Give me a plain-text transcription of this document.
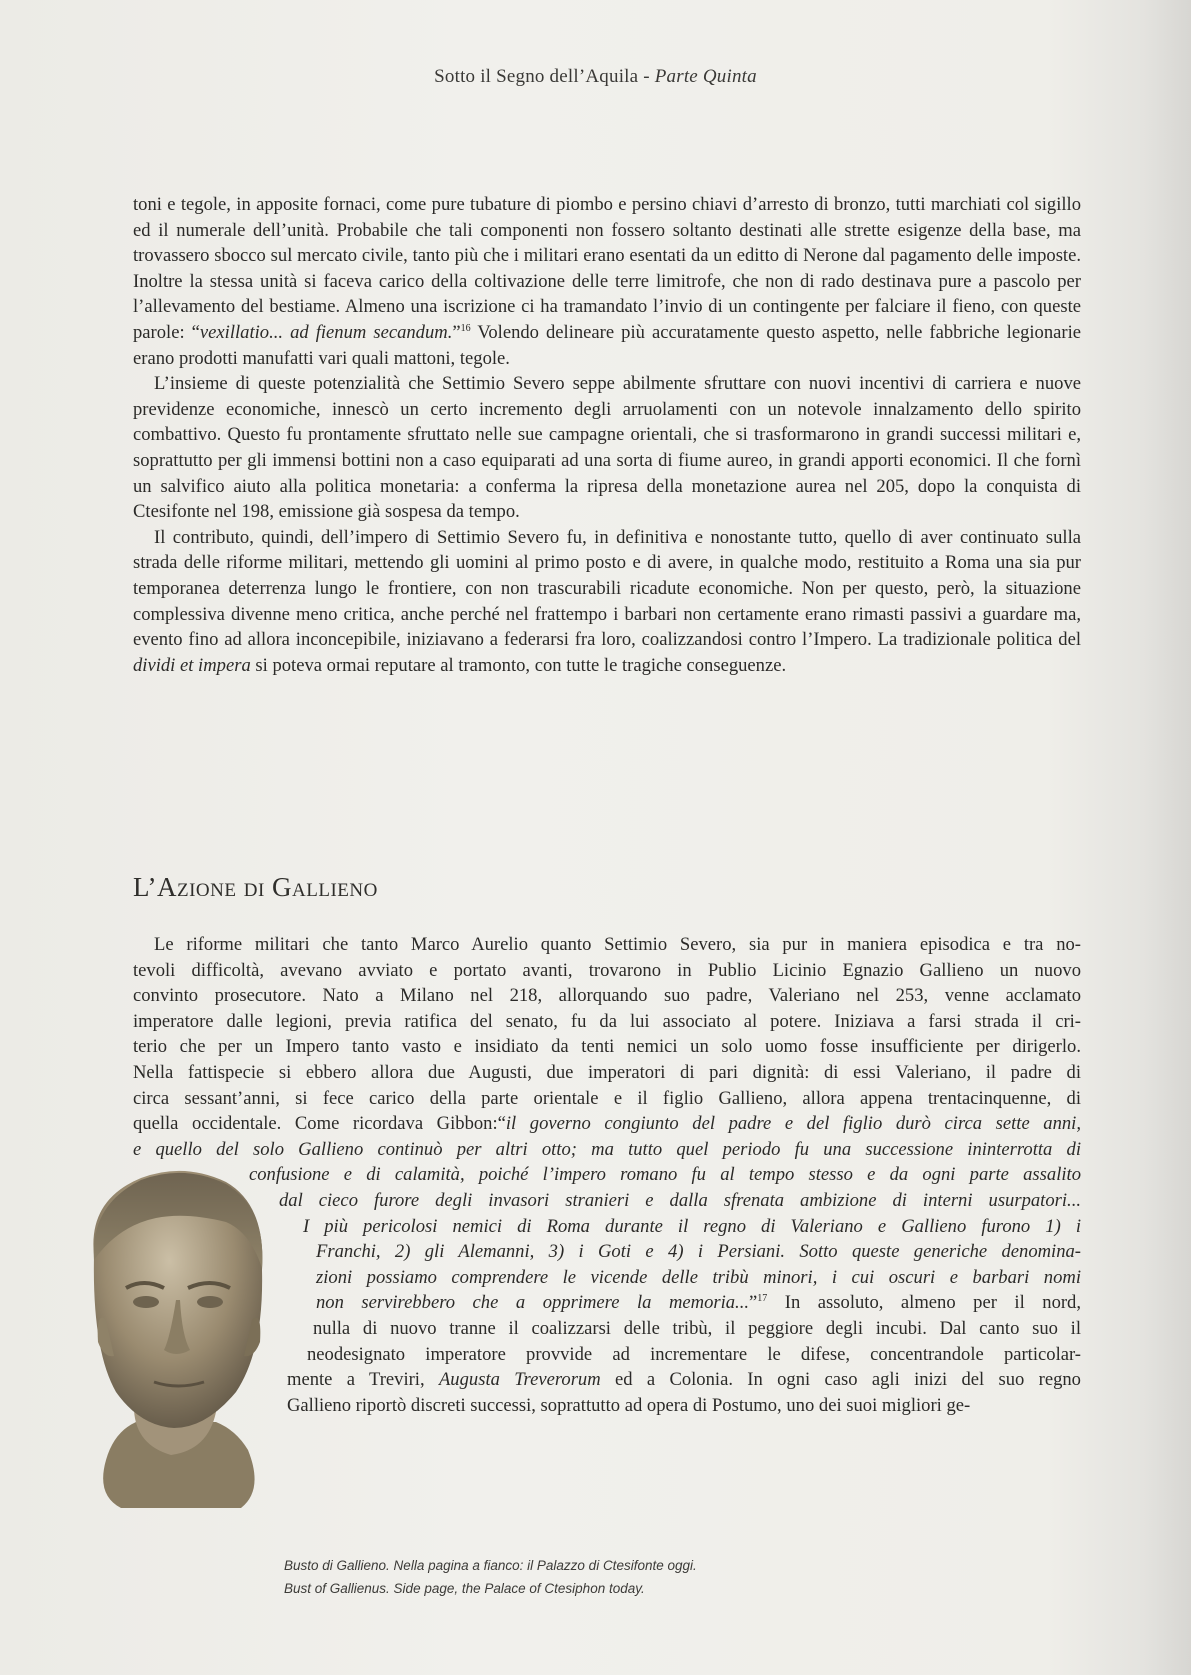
Sotto il Segno dell’Aquila - Parte Quinta

toni e tegole, in apposite fornaci, come pure tubature di piombo e persino chiavi d’arresto di bronzo, tutti marchiati col sigillo ed il numerale dell’unità. Probabile che tali componenti non fossero soltanto destinati alle strette esigenze della base, ma trovassero sbocco sul mercato civile, tanto più che i militari erano esentati da un editto di Nerone dal pagamento delle imposte. Inoltre la stessa unità si faceva carico della coltivazione delle terre limitrofe, che non di rado destinava pure a pascolo per l’allevamento del bestiame. Almeno una iscrizione ci ha tramandato l’invio di un contingente per falciare il fieno, con queste parole: “vexillatio... ad fienum secandum.”$^{16}$ Volendo delineare più accuratamente questo aspetto, nelle fabbriche legionarie erano prodotti manufatti vari quali mattoni, tegole.

L’insieme di queste potenzialità che Settimio Severo seppe abilmente sfruttare con nuovi incentivi di carriera e nuove previdenze economiche, innescò un certo incremento degli arruolamenti con un notevole innalzamento dello spirito combattivo. Questo fu prontamente sfruttato nelle sue campagne orientali, che si trasformarono in grandi successi militari e, soprattutto per gli immensi bottini non a caso equiparati ad una sorta di fiume aureo, in grandi apporti economici. Il che fornì un salvifico aiuto alla politica monetaria: a conferma la ripresa della monetazione aurea nel 205, dopo la conquista di Ctesifonte nel 198, emissione già sospesa da tempo.

Il contributo, quindi, dell’impero di Settimio Severo fu, in definitiva e nonostante tutto, quello di aver continuato sulla strada delle riforme militari, mettendo gli uomini al primo posto e di avere, in qualche modo, restituito a Roma una sia pur temporanea deterrenza lungo le frontiere, con non trascurabili ricadute economiche. Non per questo, però, la situazione complessiva divenne meno critica, anche perché nel frattempo i barbari non certamente erano rimasti passivi a guardare ma, evento fino ad allora inconcepibile, iniziavano a federarsi fra loro, coalizzandosi contro l’Impero. La tradizionale politica del dividi et impera si poteva ormai reputare al tramonto, con tutte le tragiche conseguenze.

L’Azione di Gallieno
Le riforme militari che tanto Marco Aurelio quanto Settimio Severo, sia pur in maniera episodica e tra no-
tevoli difficoltà, avevano avviato e portato avanti, trovarono in Publio Licinio Egnazio Gallieno un nuovo
convinto prosecutore. Nato a Milano nel 218, allorquando suo padre, Valeriano nel 253, venne acclamato
imperatore dalle legioni, previa ratifica del senato, fu da lui associato al potere. Iniziava a farsi strada il cri-
terio che per un Impero tanto vasto e insidiato da tenti nemici un solo uomo fosse insufficiente per dirigerlo.
Nella fattispecie si ebbero allora due Augusti, due imperatori di pari dignità: di essi Valeriano, il padre di
circa sessant’anni, si fece carico della parte orientale e il figlio Gallieno, allora appena trentacinquenne, di
quella occidentale. Come ricordava Gibbon:“il governo congiunto del padre e del figlio durò circa sette anni,
e quello del solo Gallieno continuò per altri otto; ma tutto quel periodo fu una successione ininterrotta di
confusione e di calamità, poiché l’impero romano fu al tempo stesso e da ogni parte assalito
dal cieco furore degli invasori stranieri e dalla sfrenata ambizione di interni usurpatori...
I più pericolosi nemici di Roma durante il regno di Valeriano e Gallieno furono 1) i
Franchi, 2) gli Alemanni, 3) i Goti e 4) i Persiani. Sotto queste generiche denomina-
zioni possiamo comprendere le vicende delle tribù minori, i cui oscuri e barbari nomi
non servirebbero che a opprimere la memoria...”$^{17}$ In assoluto, almeno per il nord,
nulla di nuovo tranne il coalizzarsi delle tribù, il peggiore degli incubi. Dal canto suo il
neodesignato imperatore provvide ad incrementare le difese, concentrandole particolar-
mente a Treviri, Augusta Treverorum ed a Colonia. In ogni caso agli inizi del suo regno
Gallieno riportò discreti successi, soprattutto ad opera di Postumo, uno dei suoi migliori ge-
Busto di Gallieno. Nella pagina a fianco: il Palazzo di Ctesifonte oggi.
Bust of Gallienus. Side page, the Palace of Ctesiphon today.
